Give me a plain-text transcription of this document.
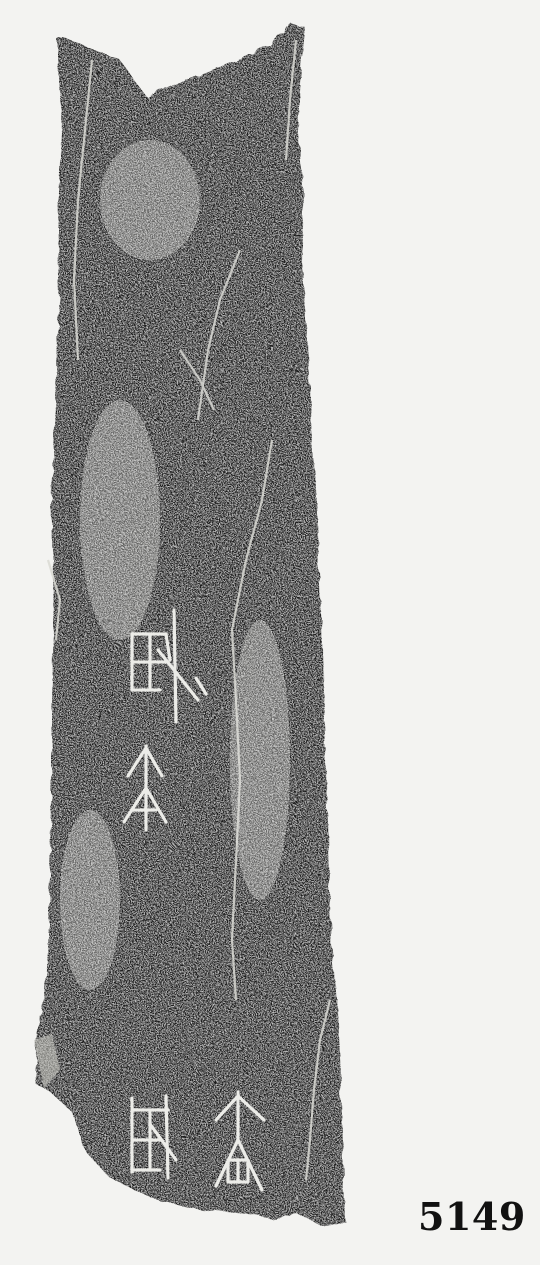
5149
